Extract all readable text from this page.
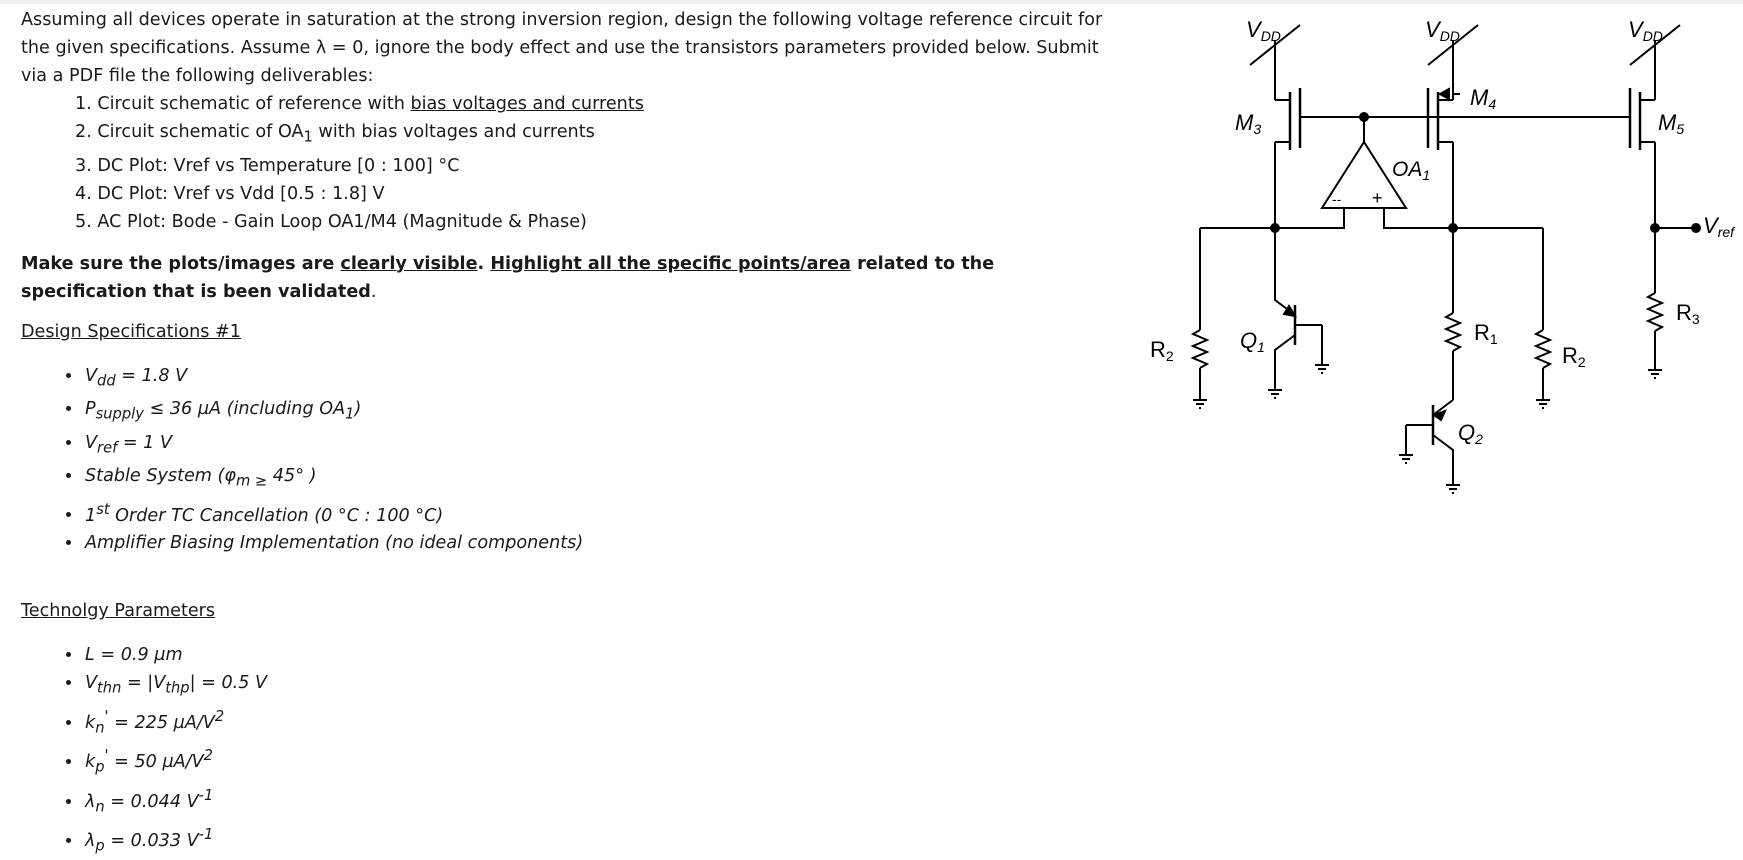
Assuming all devices operate in saturation at the strong inversion region, design the following voltage reference circuit for the given specifications. Assume λ = 0, ignore the body effect and use the transistors parameters provided below. Submit via a PDF file the following deliverables:

1. Circuit schematic of reference with bias voltages and currents
2. Circuit schematic of $OA_1$ with bias voltages and currents
3. DC Plot: Vref vs Temperature [0 : 100] °C
4. DC Plot: Vref vs Vdd [0.5 : 1.8] V
5. AC Plot: Bode - Gain Loop OA1/M4 (Magnitude & Phase)

Make sure the plots/images are clearly visible. Highlight all the specific points/area related to the specification that is been validated.

Design Specifications #1

• $V_{dd} = 1.8$ V
• $P_{supply} \le 36$ µA (including $OA_1$)
• $V_{ref} = 1$ V
• Stable System ($\varphi_{m \ge}$ 45° )
• 1st Order TC Cancellation (0 °C : 100 °C)
• Amplifier Biasing Implementation (no ideal components)

Technolgy Parameters

• L = 0.9 µm
• $V_{thn} = |V_{thp}| = 0.5$ V
• $k_n' = 225$ $\mu A/V^2$
• $k_p' = 50$ $\mu A/V^2$
• $\lambda_n = 0.044$ $V^{-1}$
• $\lambda_p = 0.033$ $V^{-1}$
VDD	VDD	VDD
M3
M4
M5
-- +
OA1
R2
Q1
R1
Q2
R2
R3
Vref
